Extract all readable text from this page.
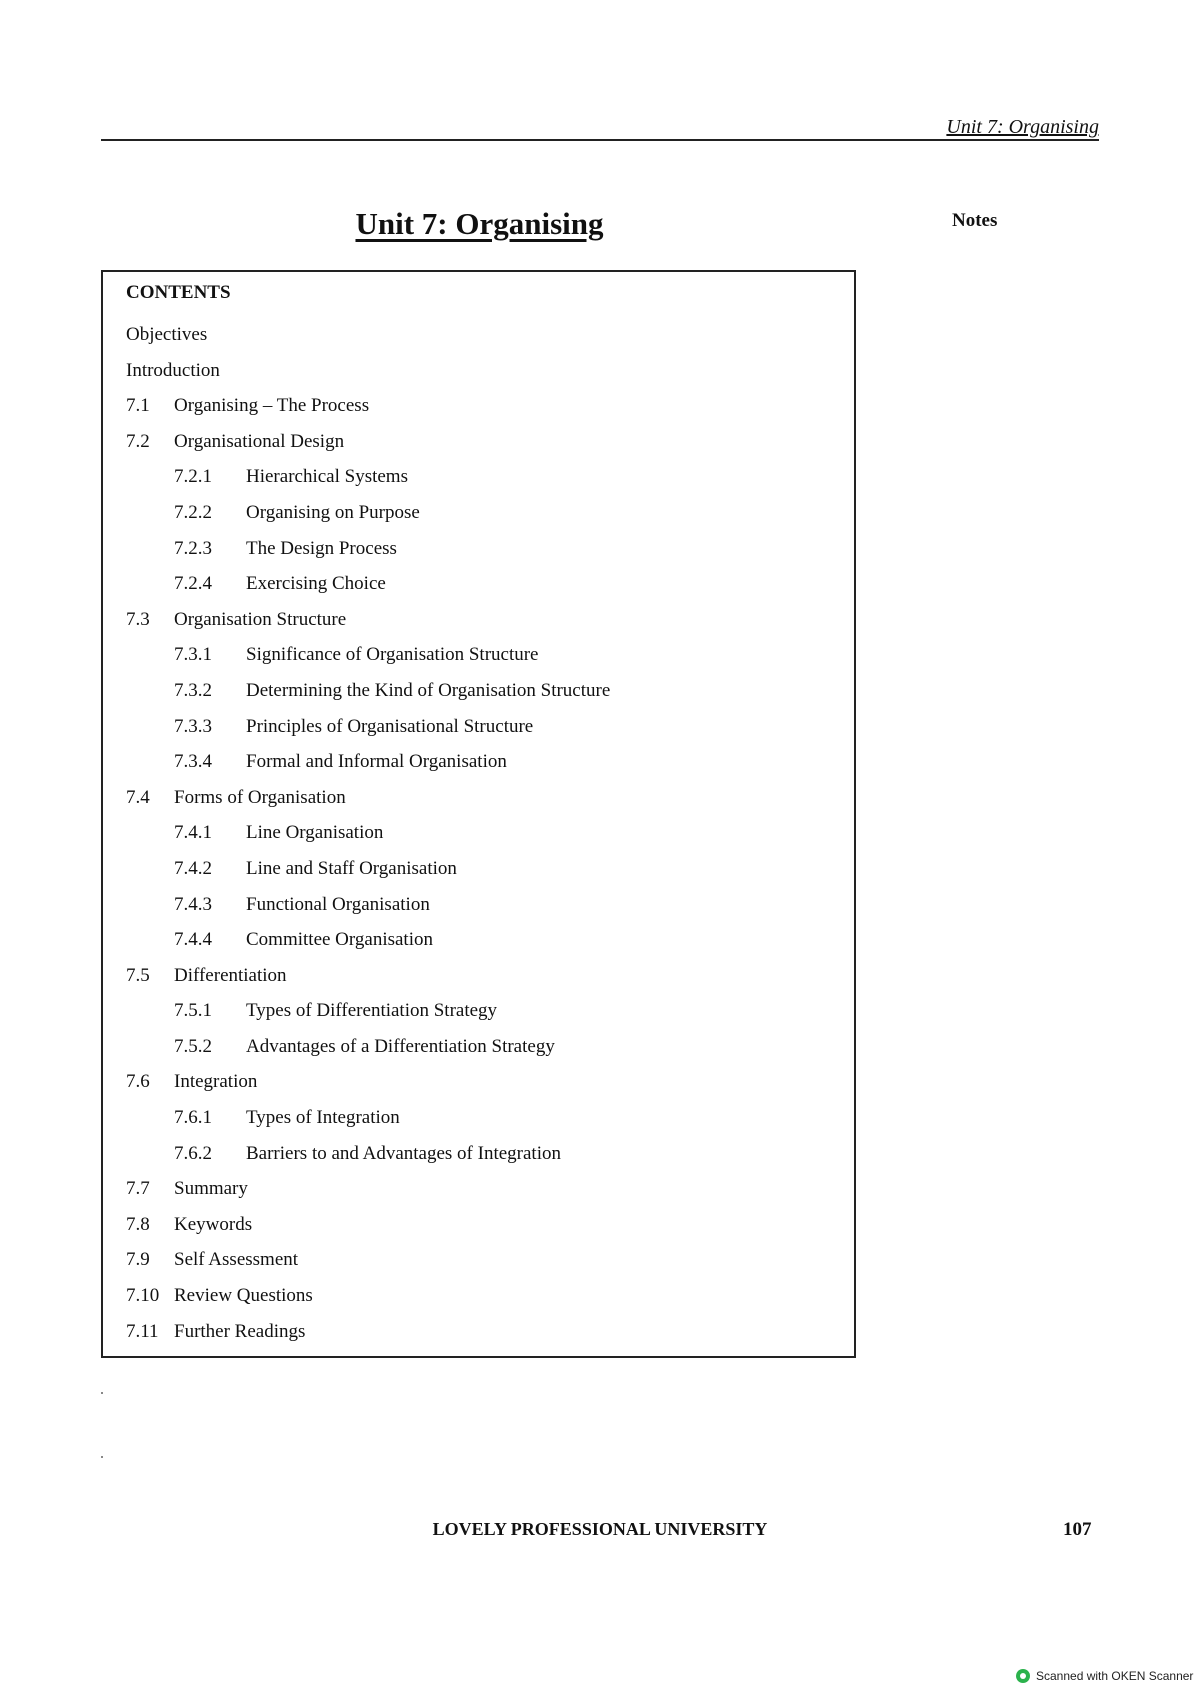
Unit 7: Organising
Unit 7: Organising	Notes
CONTENTS
Objectives
Introduction
7.1 Organising – The Process
7.2 Organisational Design
7.2.1 Hierarchical Systems
7.2.2 Organising on Purpose
7.2.3 The Design Process
7.2.4 Exercising Choice
7.3 Organisation Structure
7.3.1 Significance of Organisation Structure
7.3.2 Determining the Kind of Organisation Structure
7.3.3 Principles of Organisational Structure
7.3.4 Formal and Informal Organisation
7.4 Forms of Organisation
7.4.1 Line Organisation
7.4.2 Line and Staff Organisation
7.4.3 Functional Organisation
7.4.4 Committee Organisation
7.5 Differentiation
7.5.1 Types of Differentiation Strategy
7.5.2 Advantages of a Differentiation Strategy
7.6 Integration
7.6.1 Types of Integration
7.6.2 Barriers to and Advantages of Integration
7.7 Summary
7.8 Keywords
7.9 Self Assessment
7.10 Review Questions
7.11 Further Readings
LOVELY PROFESSIONAL UNIVERSITY	107
Scanned with OKEN Scanner
